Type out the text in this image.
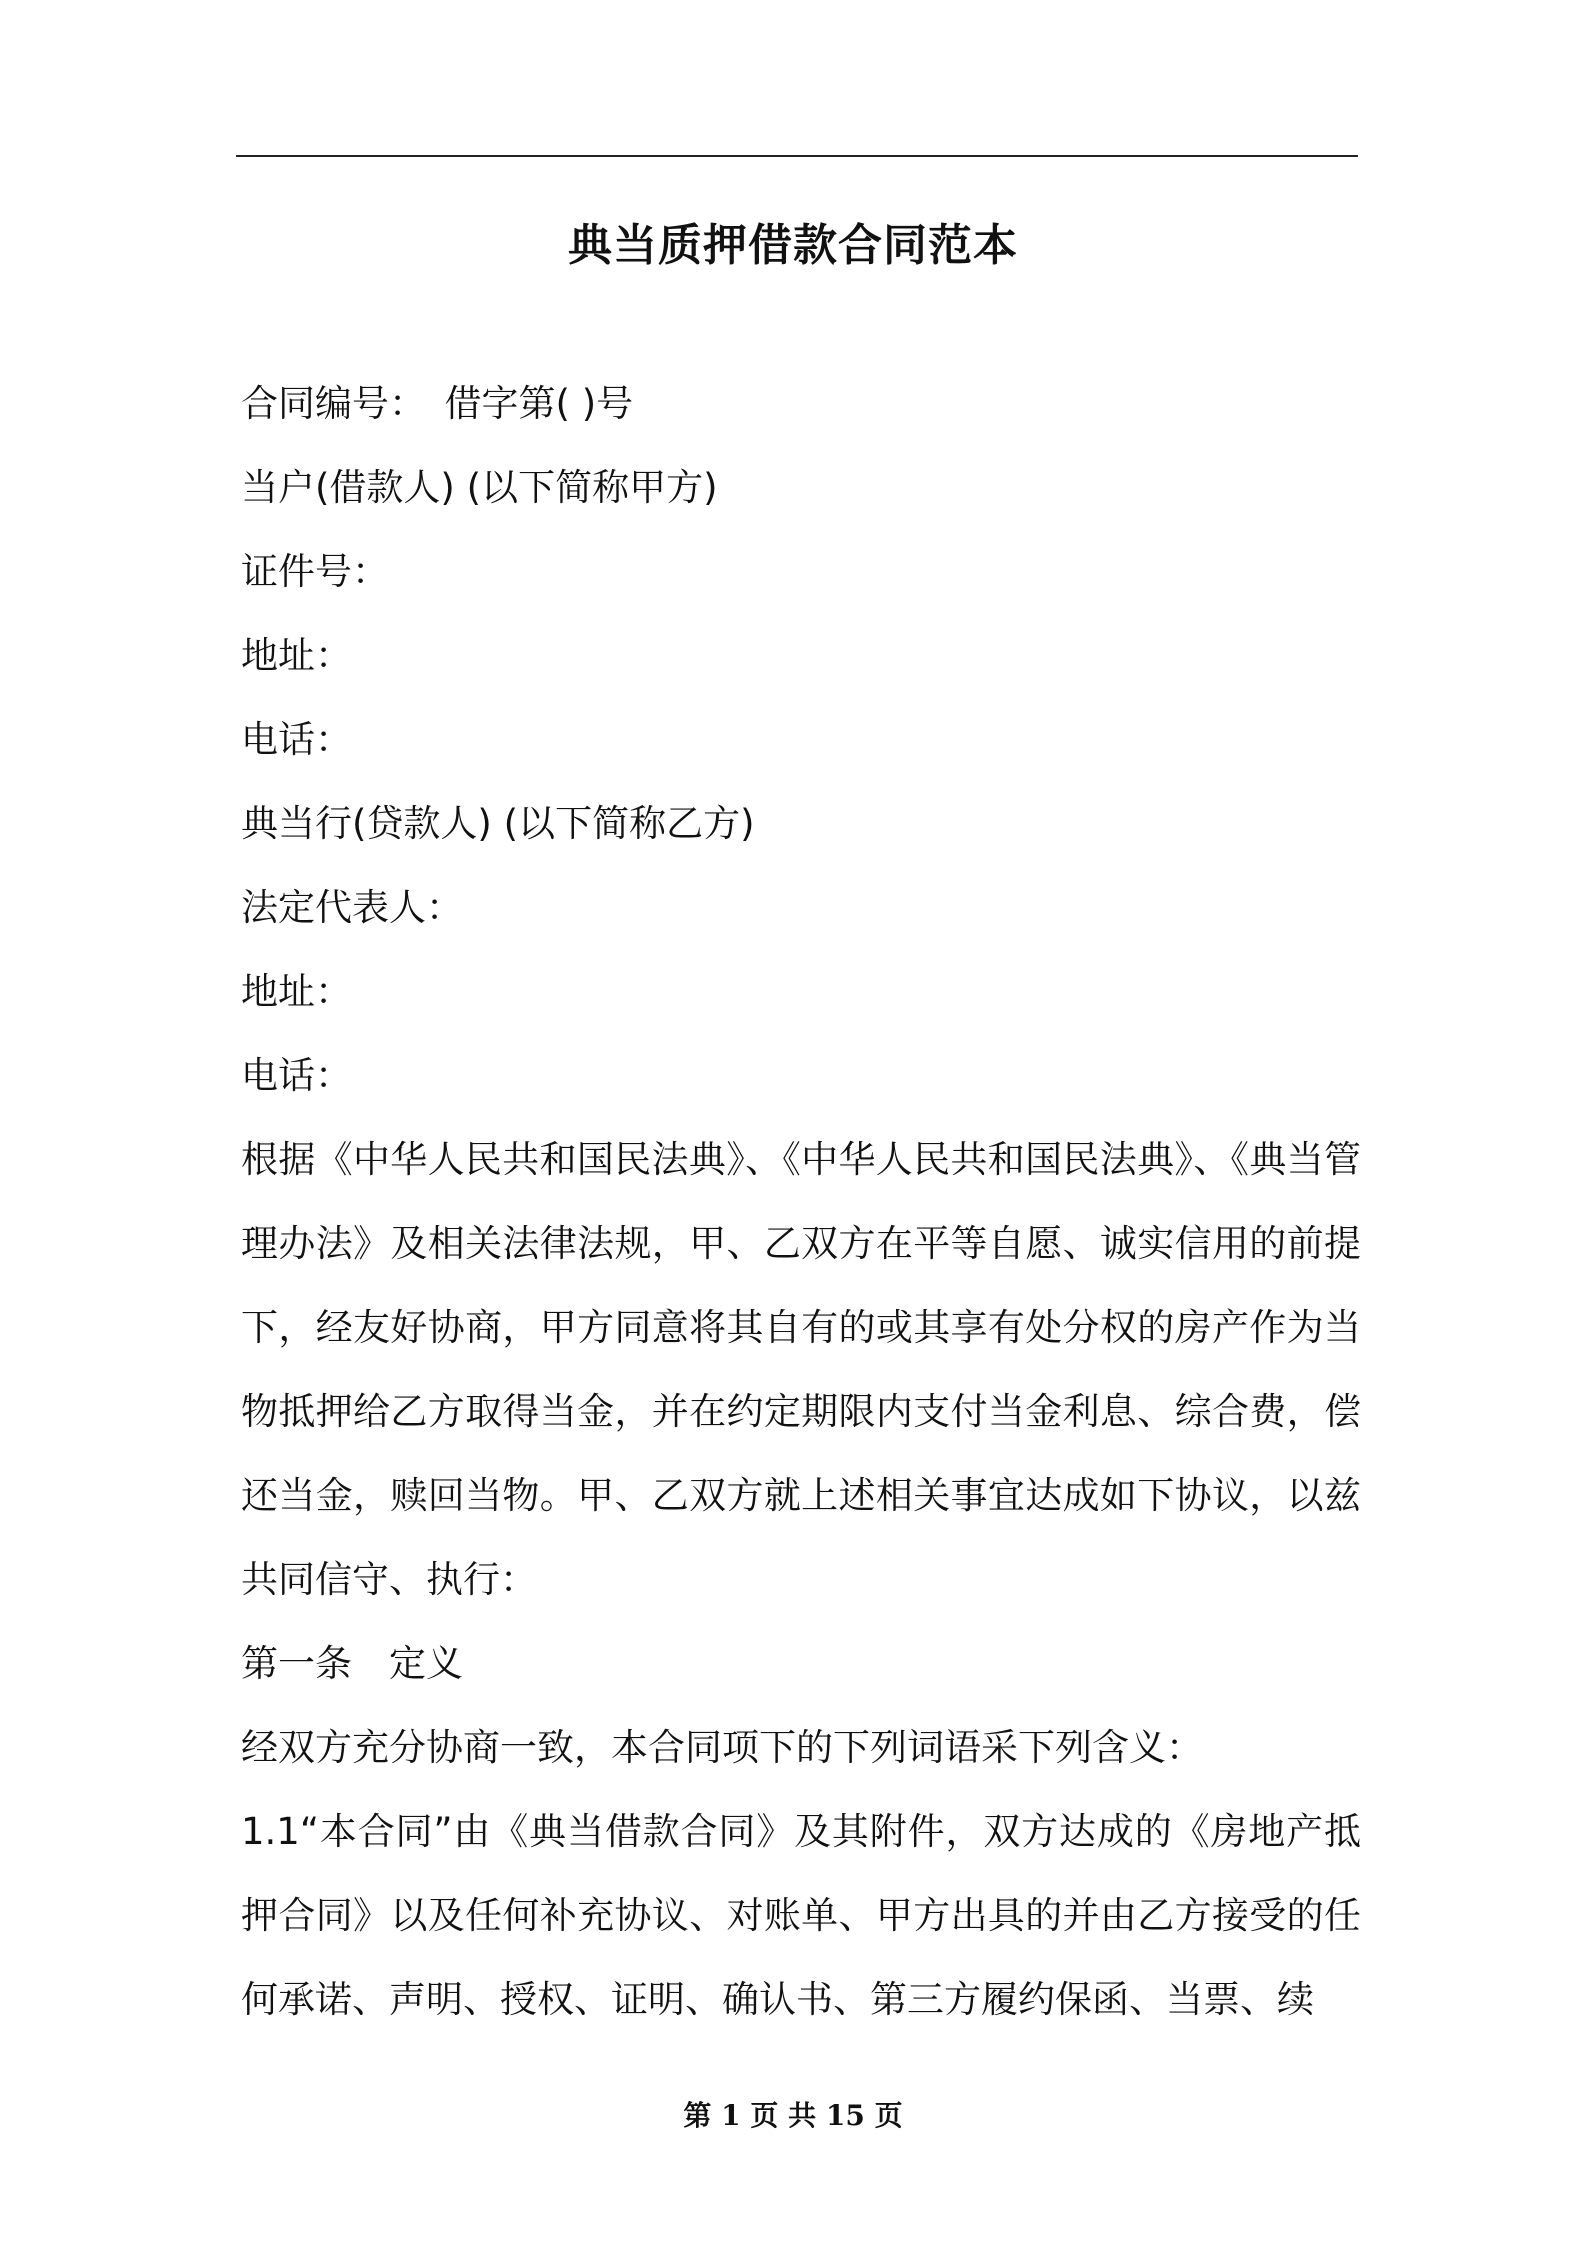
典当质押借款合同范本

合同编号：　借字第( )号

当户(借款人) (以下简称甲方)

证件号：

地址：

电话：

典当行(贷款人) (以下简称乙方)

法定代表人：

地址：

电话：

根据《中华人民共和国民法典》、《中华人民共和国民法典》、《典当管理办法》及相关法律法规，甲、乙双方在平等自愿、诚实信用的前提下，经友好协商，甲方同意将其自有的或其享有处分权的房产作为当物抵押给乙方取得当金，并在约定期限内支付当金利息、综合费，偿还当金，赎回当物。甲、乙双方就上述相关事宜达成如下协议，以兹共同信守、执行：

第一条　定义

经双方充分协商一致，本合同项下的下列词语采下列含义：

1.1“本合同”由《典当借款合同》及其附件，双方达成的《房地产抵押合同》以及任何补充协议、对账单、甲方出具的并由乙方接受的任何承诺、声明、授权、证明、确认书、第三方履约保函、当票、续

第 1 页 共 15 页
